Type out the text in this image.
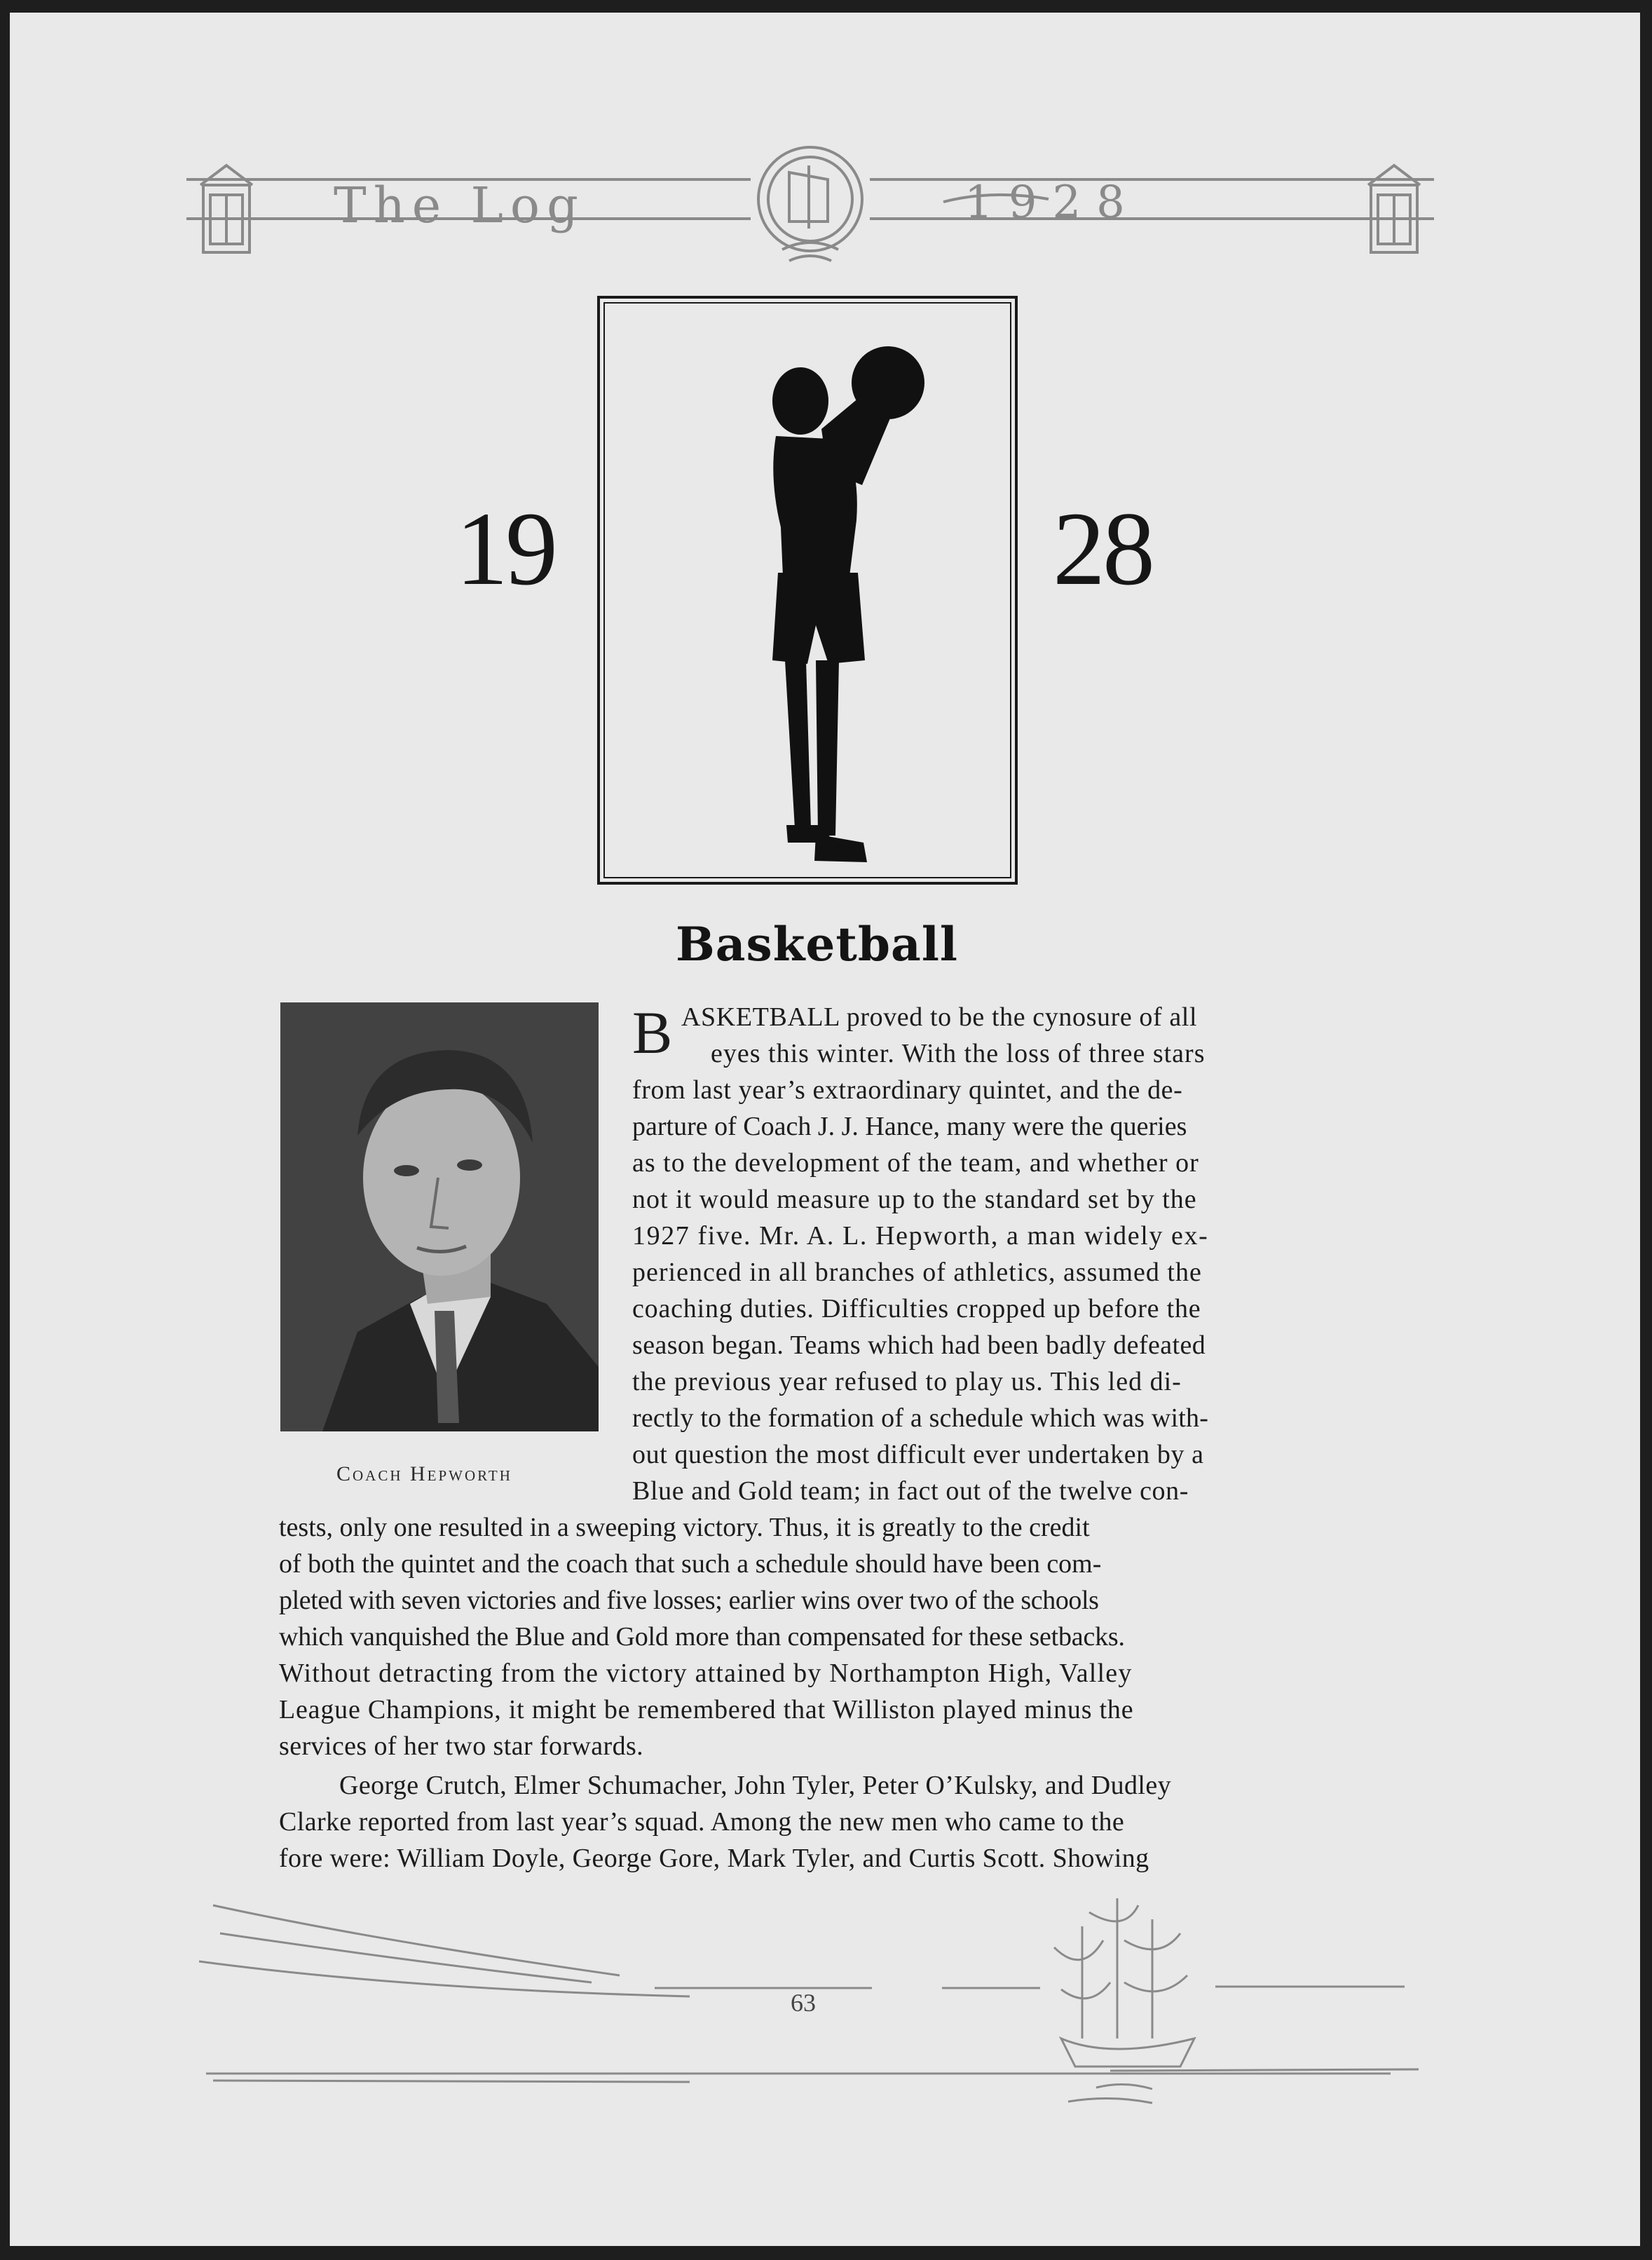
The Log	1928
19	28
Basketball
Coach Hepworth
B ASKETBALL proved to be the cynosure of all
eyes this winter. With the loss of three stars
from last year’s extraordinary quintet, and the de-
parture of Coach J. J. Hance, many were the queries
as to the development of the team, and whether or
not it would measure up to the standard set by the
1927 five. Mr. A. L. Hepworth, a man widely ex-
perienced in all branches of athletics, assumed the
coaching duties. Difficulties cropped up before the
season began. Teams which had been badly defeated
the previous year refused to play us. This led di-
rectly to the formation of a schedule which was with-
out question the most difficult ever undertaken by a
Blue and Gold team; in fact out of the twelve con-
tests, only one resulted in a sweeping victory. Thus, it is greatly to the credit
of both the quintet and the coach that such a schedule should have been com-
pleted with seven victories and five losses; earlier wins over two of the schools
which vanquished the Blue and Gold more than compensated for these setbacks.
Without detracting from the victory attained by Northampton High, Valley
League Champions, it might be remembered that Williston played minus the
services of her two star forwards.
George Crutch, Elmer Schumacher, John Tyler, Peter O’Kulsky, and Dudley
Clarke reported from last year’s squad. Among the new men who came to the
fore were: William Doyle, George Gore, Mark Tyler, and Curtis Scott. Showing
63
